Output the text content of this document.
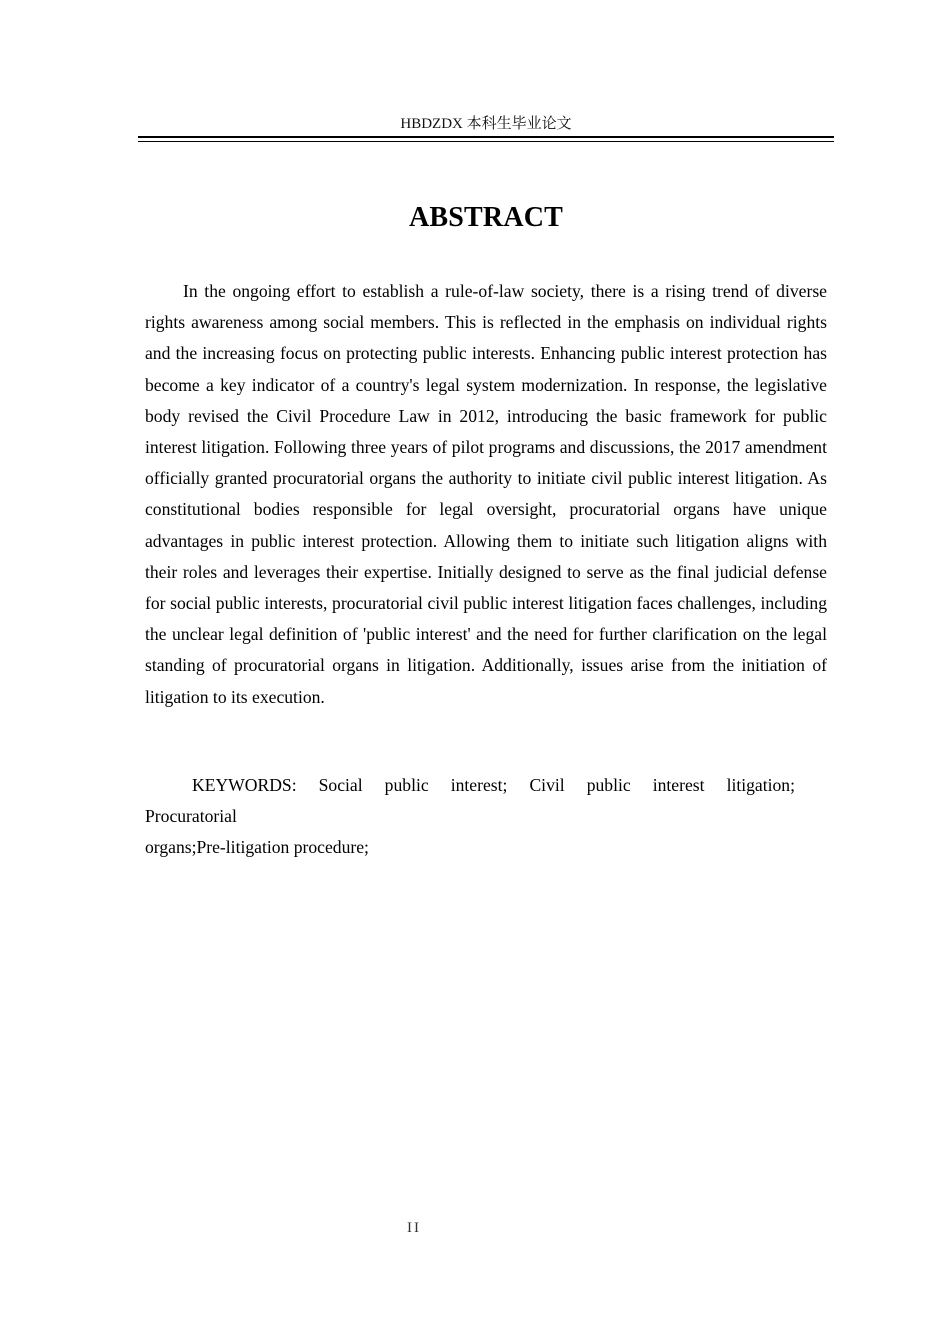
HBDZDX 本科生毕业论文
ABSTRACT

In the ongoing effort to establish a rule-of-law society, there is a rising trend of diverse rights awareness among social members. This is reflected in the emphasis on individual rights and the increasing focus on protecting public interests. Enhancing public interest protection has become a key indicator of a country's legal system modernization. In response, the legislative body revised the Civil Procedure Law in 2012, introducing the basic framework for public interest litigation. Following three years of pilot programs and discussions, the 2017 amendment officially granted procuratorial organs the authority to initiate civil public interest litigation. As constitutional bodies responsible for legal oversight, procuratorial organs have unique advantages in public interest protection. Allowing them to initiate such litigation aligns with their roles and leverages their expertise. Initially designed to serve as the final judicial defense for social public interests, procuratorial civil public interest litigation faces challenges, including the unclear legal definition of 'public interest' and the need for further clarification on the legal standing of procuratorial organs in litigation. Additionally, issues arise from the initiation of litigation to its execution.

KEYWORDS: Social public interest; Civil public interest litigation;
Procuratorial
organs;Pre-litigation procedure;
II
